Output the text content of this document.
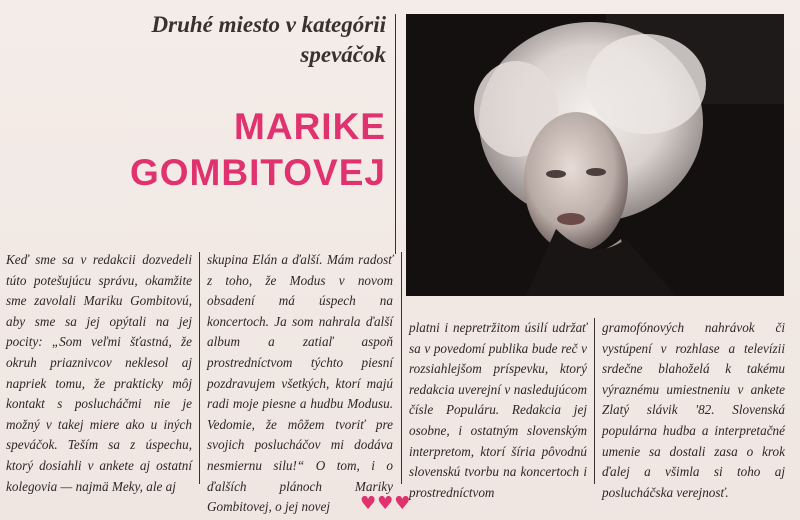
Druhé miesto v kategórii
speváčok
MARIKE
GOMBITOVEJ
OFFICIAL

Keď sme sa v redakcii dozvedeli túto potešujúcu správu, okamžite sme zavolali Mariku Gombitovú, aby sme sa jej opýtali na jej pocity: „Som veľmi šťastná, že okruh priaznivcov neklesol aj napriek tomu, že prakticky môj kontakt s poslucháčmi nie je možný v takej miere ako u iných speváčok. Teším sa z úspechu, ktorý dosiahli v ankete aj ostatní kolegovia — najmä Meky, ale aj

skupina Elán a ďalší. Mám radosť z toho, že Modus v novom obsadení má úspech na koncertoch. Ja som nahrala ďalší album a zatiaľ aspoň prostredníctvom týchto piesní pozdravujem všetkých, ktorí majú radi moje piesne a hudbu Modusu. Vedomie, že môžem tvoriť pre svojich poslucháčov mi dodáva nesmiernu silu!“ O tom, i o ďalších plánoch Mariky Gombitovej, o jej novej

platni i nepretržitom úsilí udržať sa v povedomí publika bude reč v rozsiahlejšom príspevku, ktorý redakcia uverejní v nasledujúcom čísle Populáru. Redakcia jej osobne, i ostatným slovenským interpretom, ktorí šíria pôvodnú slovenskú tvorbu na koncertoch i prostredníctvom

gramofónových nahrávok či vystúpení v rozhlase a televízii srdečne blahoželá k takému výraznému umiestneniu v ankete Zlatý slávik '82. Slovenská populárna hudba a interpretačné umenie sa dostali zasa o krok ďalej a všimla si toho aj poslucháčska verejnosť.

♥♥♥
